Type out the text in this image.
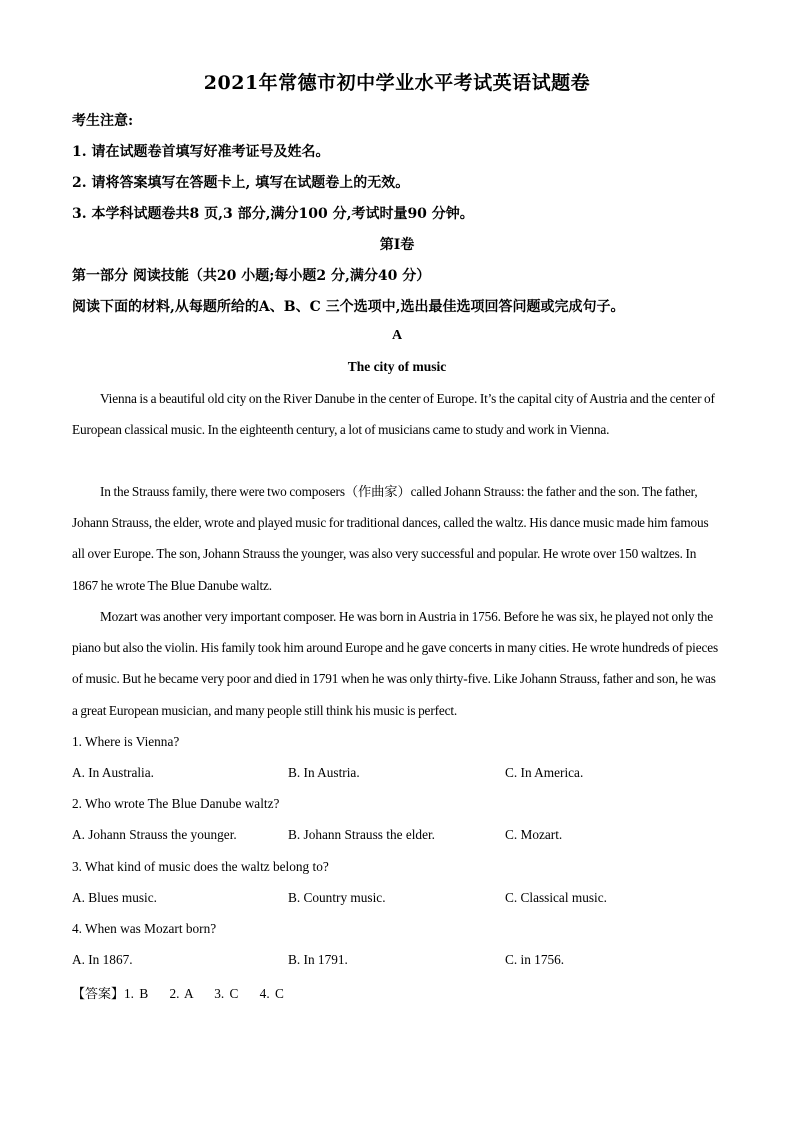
2021年常德市初中学业水平考试英语试题卷
考生注意:
1. 请在试题卷首填写好准考证号及姓名。
2. 请将答案填写在答题卡上, 填写在试题卷上的无效。
3. 本学科试题卷共8 页,3 部分,满分100 分,考试时量90 分钟。
第I卷
第一部分 阅读技能（共20 小题;每小题2 分,满分40 分）
阅读下面的材料,从每题所给的A、B、C 三个选项中,选出最佳选项回答问题或完成句子。
A
The city of music
Vienna is a beautiful old city on the River Danube in the center of Europe. It’s the capital city of Austria and the center of European classical music. In the eighteenth century, a lot of musicians came to study and work in Vienna.
In the Strauss family, there were two composers（作曲家）called Johann Strauss: the father and the son. The father, Johann Strauss, the elder, wrote and played music for traditional dances, called the waltz. His dance music made him famous all over Europe. The son, Johann Strauss the younger, was also very successful and popular. He wrote over 150 waltzes. In 1867 he wrote The Blue Danube waltz.
Mozart was another very important composer. He was born in Austria in 1756. Before he was six, he played not only the piano but also the violin. His family took him around Europe and he gave concerts in many cities. He wrote hundreds of pieces of music. But he became very poor and died in 1791 when he was only thirty-five. Like Johann Strauss, father and son, he was a great European musician, and many people still think his music is perfect.
1. Where is Vienna?
A. In Australia.	B. In Austria.	C. In America.
2. Who wrote The Blue Danube waltz?
A. Johann Strauss the younger.	B. Johann Strauss the elder.	C. Mozart.
3. What kind of music does the waltz belong to?
A. Blues music.	B. Country music.	C. Classical music.
4. When was Mozart born?
A. In 1867.	B. In 1791.	C. in 1756.
【答案】1. B    2. A    3. C    4. C
